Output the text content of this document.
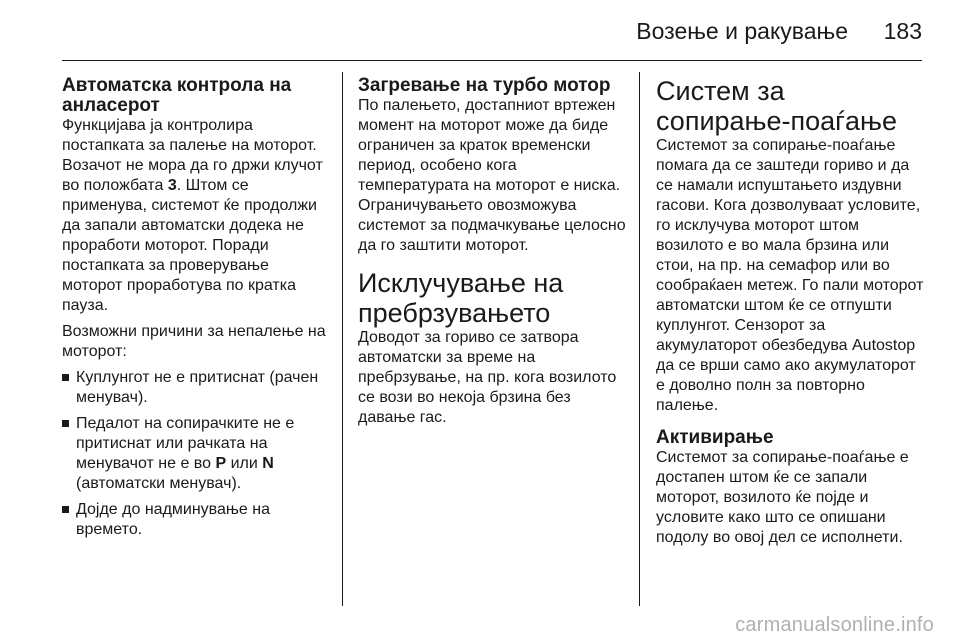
Возење и ракување 183
Автоматска контрола на анласерот

Функцијава ја контролира постапката за палење на моторот. Возачот не мора да го држи клучот во положбата 3. Штом се применува, системот ќе продолжи да запали автоматски додека не проработи моторот. Поради постапката за проверување моторот проработува по кратка пауза.

Возможни причини за непалење на моторот:

Куплунгот не е притиснат (рачен менувач).
Педалот на сопирачките не е притиснат или рачката на менувачот не е во P или N (автоматски менувач).
Дојде до надминување на времето.
Загревање на турбо мотор

По палењето, достапниот вртежен момент на моторот може да биде ограничен за краток временски период, особено кога температурата на моторот е ниска. Ограничувањето овозможува системот за подмачкување целосно да го заштити моторот.

Исклучување на пребрзувањето

Доводот за гориво се затвора автоматски за време на пребрзување, на пр. кога возилото се вози во некоја брзина без давање гас.

Систем за сопирање-поаѓање

Системот за сопирање-поаѓање помага да се заштеди гориво и да се намали испуштањето издувни гасови. Кога дозволуваат условите, го исклучува моторот штом возилото е во мала брзина или стои, на пр. на семафор или во сообраќаен метеж. Го пали моторот автоматски штом ќе се отпушти куплунгот. Сензорот за акумулаторот обезбедува Autostop да се врши само ако акумулаторот е доволно полн за повторно палење.

Активирање

Системот за сопирање-поаѓање е достапен штом ќе се запали моторот, возилото ќе појде и условите како што се опишани подолу во овој дел се исполнети.

carmanualsonline.info
